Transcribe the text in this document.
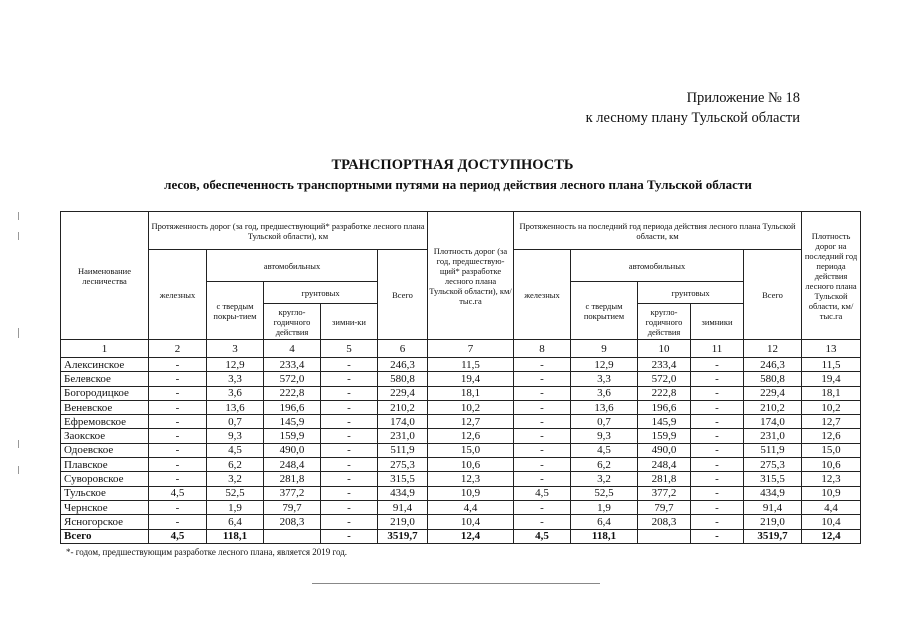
Приложение № 18
к лесному плану Тульской области
ТРАНСПОРТНАЯ ДОСТУПНОСТЬ
лесов, обеспеченность транспортными путями на период действия лесного плана Тульской области
Наименование лесничества	Протяженность дорог (за год, предшествующий* разработке лесного плана Тульской области), км					Плотность дорог (за год, предшествую-щий* разработке лесного плана Тульской области), км/тыс.га	Протяженность на последний год периода действия лесного плана Тульской области, км					Плотность дорог на последний год периода действия лесного плана Тульской области, км/тыс.га
	железных	автомобильных			Всего		железных	автомобильных			Всего	
		с твердым покры-тием	грунтовых					с твердым покрытием	грунтовых			
			кругло-годичного действия	зимни-ки					кругло-годичного действия	зимники		
1	2	3	4	5	6	7	8	9	10	11	12	13
Алексинское	-	12,9	233,4	-	246,3	11,5	-	12,9	233,4	-	246,3	11,5
Белевское	-	3,3	572,0	-	580,8	19,4	-	3,3	572,0	-	580,8	19,4
Богородицкое	-	3,6	222,8	-	229,4	18,1	-	3,6	222,8	-	229,4	18,1
Веневское	-	13,6	196,6	-	210,2	10,2	-	13,6	196,6	-	210,2	10,2
Ефремовское	-	0,7	145,9	-	174,0	12,7	-	0,7	145,9	-	174,0	12,7
Заокское	-	9,3	159,9	-	231,0	12,6	-	9,3	159,9	-	231,0	12,6
Одоевское	-	4,5	490,0	-	511,9	15,0	-	4,5	490,0	-	511,9	15,0
Плавское	-	6,2	248,4	-	275,3	10,6	-	6,2	248,4	-	275,3	10,6
Суворовское	-	3,2	281,8	-	315,5	12,3	-	3,2	281,8	-	315,5	12,3
Тульское	4,5	52,5	377,2	-	434,9	10,9	4,5	52,5	377,2	-	434,9	10,9
Чернское	-	1,9	79,7	-	91,4	4,4	-	1,9	79,7	-	91,4	4,4
Ясногорское	-	6,4	208,3	-	219,0	10,4	-	6,4	208,3	-	219,0	10,4
Всего	4,5	118,1		-	3519,7	12,4	4,5	118,1		-	3519,7	12,4
*- годом, предшествующим разработке лесного плана, является 2019 год.
